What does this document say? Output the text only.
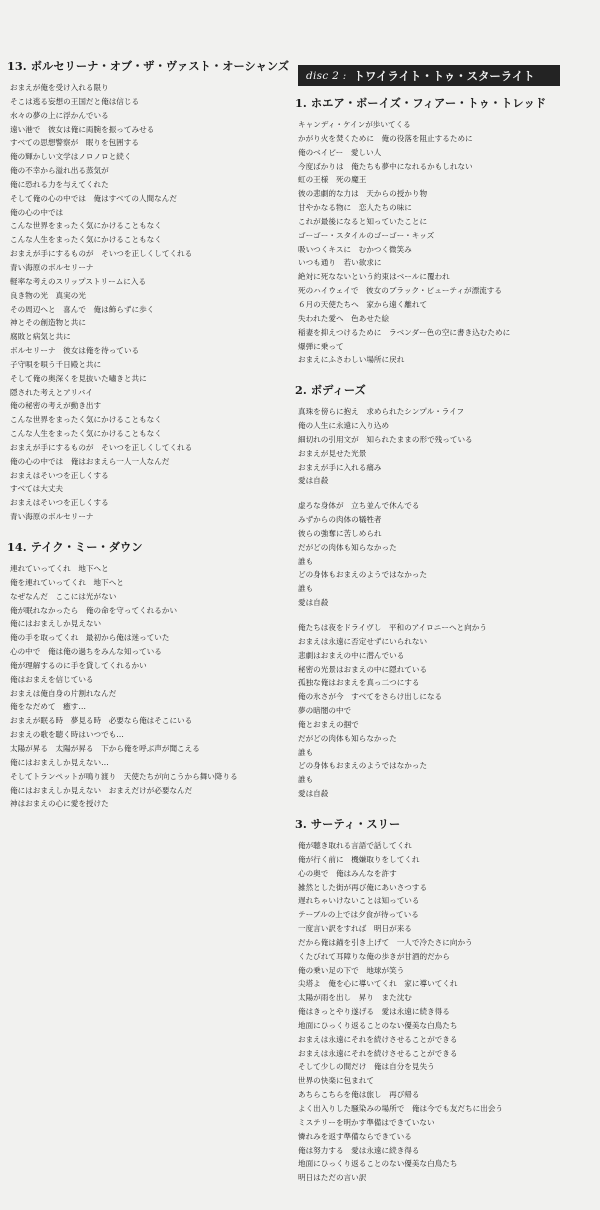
13. ボルセリーナ・オブ・ザ・ヴァスト・オーシャンズ
おまえが俺を受け入れる限り
そこは逃る妄想の王国だと俺は信じる
水々の夢の上に浮かんでいる
遠い港で　彼女は俺に両腕を振ってみせる
すべての思想警察が　眠りを包囲する
俺の輝かしい文学はノロノロと続く
俺の不幸から溢れ出る蒸気が
俺に恐れる力を与えてくれた
そして俺の心の中では　俺はすべての人間なんだ
俺の心の中では
こんな世界をまったく気にかけることもなく
こんな人生をまったく気にかけることもなく
おまえが手にするものが　そいつを正しくしてくれる
青い海原のボルセリーナ
軽率な考えのスリップストリームに入る
良き物の光　真実の光
その周辺へと　喜んで　俺は飾らずに歩く
神とその創造物と共に
腐敗と病気と共に
ボルセリーナ　彼女は俺を待っている
子守唄を唄う千日殿と共に
そして俺の奥深くを見抜いた嘯きと共に
隠された考えとアリバイ
俺の秘密の考えが動き出す
こんな世界をまったく気にかけることもなく
こんな人生をまったく気にかけることもなく
おまえが手にするものが　そいつを正しくしてくれる
俺の心の中では　俺はおまえら一人一人なんだ
おまえはそいつを正しくする
すべては大丈夫
おまえはそいつを正しくする
青い海原のボルセリーナ
14. テイク・ミー・ダウン
連れていってくれ　地下へと
俺を連れていってくれ　地下へと
なぜなんだ　ここには光がない
俺が眠れなかったら　俺の命を守ってくれるかい
俺にはおまえしか見えない
俺の手を取ってくれ　最初から俺は迷っていた
心の中で　俺は俺の過ちをみんな知っている
俺が理解するのに手を貸してくれるかい
俺はおまえを信じている
おまえは俺自身の片割れなんだ
俺をなだめて　癒す…
おまえが眠る時　夢見る時　必要なら俺はそこにいる
おまえの歌を聴く時はいつでも…
太陽が昇る　太陽が昇る　下から俺を呼ぶ声が聞こえる
俺にはおまえしか見えない…
そしてトランペットが鳴り渡り　天使たちが向こうから舞い降りる
俺にはおまえしか見えない　おまえだけが必要なんだ
神はおまえの心に愛を授けた
disc 2 : トワイライト・トゥ・スターライト
1. ホエア・ボーイズ・フィアー・トゥ・トレッド
キャンディ・ケインが歩いてくる
かがり火を焚くために　俺の役落を阻止するために
俺のベイビー　愛しい人
今度ばかりは　俺たちも夢中になれるかもしれない
虹の王様　死の魔王
彼の悲劇的な力は　天からの授かり物
甘やかなる物に　恋人たちの味に
これが最後になると知っていたことに
ゴーゴー・スタイルのゴーゴー・キッズ
吸いつくキスに　むかつく微笑み
いつも通り　若い欲求に
絶対に死なないという約束はベールに覆われ
死のハイウェイで　彼女のブラック・ビューティが漂流する
６月の天使たちへ　家から遠く離れて
失われた愛へ　色あせた絵
稲妻を抑えつけるために　ラベンダー色の空に書き込むために
爆弾に乗って
おまえにふさわしい場所に戻れ
2. ボディーズ
真珠を傍らに抱え　求められたシンプル・ライフ
俺の人生に永遠に入り込め
細切れの引用文が　知られたままの形で残っている
おまえが見せた光景
おまえが手に入れる痛み
愛は自殺
虚ろな身体が　立ち並んで休んでる
みずからの肉体の犠牲者
彼らの強奪に苦しめられ
だがどの肉体も知らなかった
誰も
どの身体もおまえのようではなかった
誰も
愛は自殺
俺たちは夜をドライヴし　平和のアイロニーへと向かう
おまえは永遠に否定せずにいられない
悲劇はおまえの中に潜んでいる
秘密の光景はおまえの中に隠れている
孤独な俺はおまえを真っ二つにする
俺の氷さが今　すべてをさらけ出しになる
夢の暗闇の中で
俺とおまえの掴で
だがどの肉体も知らなかった
誰も
どの身体もおまえのようではなかった
誰も
愛は自殺
3. サーティ・スリー
俺が聴き取れる言語で話してくれ
俺が行く前に　機嫌取りをしてくれ
心の奥で　俺はみんなを許す
雑然とした街が再び俺にあいさつする
遅れちゃいけないことは知っている
テーブルの上では夕食が待っている
一度言い訳をすれば　明日が来る
だから俺は錨を引き上げて　一人で冷たさに向かう
くたびれて耳障りな俺の歩きが甘酒的だから
俺の乗い足の下で　地球が笑う
尖塔よ　俺を心に導いてくれ　家に導いてくれ
太陽が雨を出し　昇り　また沈む
俺はきっとやり遂げる　愛は永遠に続き得る
地面にひっくり返ることのない優美な白鳥たち
おまえは永遠にそれを続けさせることができる
おまえは永遠にそれを続けさせることができる
そして少しの間だけ　俺は自分を見失う
世界の快楽に包まれて
あちらこちらを俺は旅し　再び帰る
よく出入りした騒染みの場所で　俺は今でも友だちに出会う
ミステリーを明かす準備はできていない
憐れみを返す準備ならできている
俺は努力する　愛は永遠に続き得る
地面にひっくり返ることのない優美な白鳥たち
明日はただの言い訳
